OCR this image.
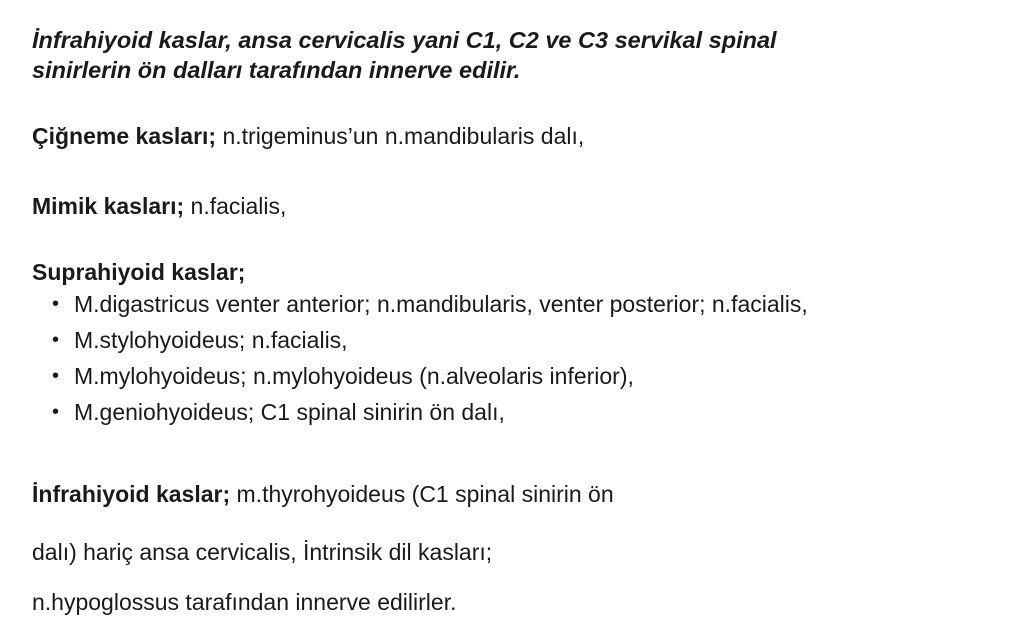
İnfrahiyoid kaslar, ansa cervicalis yani C1, C2 ve C3 servikal spinal
sinirlerin ön dalları tarafından innerve edilir.
Çiğneme kasları; n.trigeminus’un n.mandibularis dalı,
Mimik kasları; n.facialis,
Suprahiyoid kaslar;
• M.digastricus venter anterior; n.mandibularis, venter posterior; n.facialis,
• M.stylohyoideus; n.facialis,
• M.mylohyoideus; n.mylohyoideus (n.alveolaris inferior),
• M.geniohyoideus; C1 spinal sinirin ön dalı,
İnfrahiyoid kaslar; m.thyrohyoideus (C1 spinal sinirin ön
dalı) hariç ansa cervicalis, İntrinsik dil kasları;
n.hypoglossus tarafından innerve edilirler.
